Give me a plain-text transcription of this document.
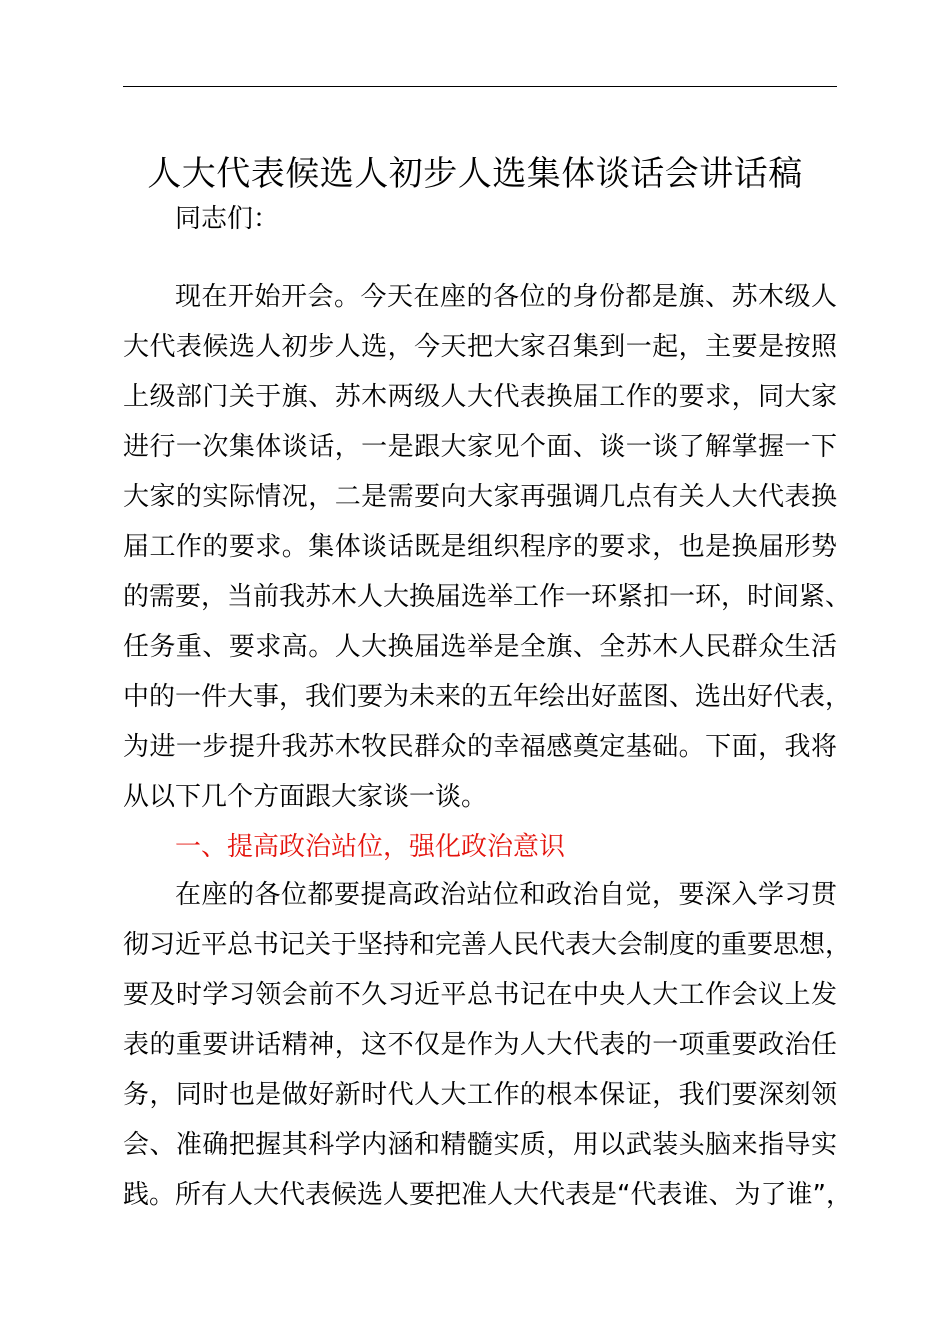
人大代表候选人初步人选集体谈话会讲话稿
同志们：
现在开始开会。今天在座的各位的身份都是旗、苏木级人
大代表候选人初步人选，今天把大家召集到一起，主要是按照
上级部门关于旗、苏木两级人大代表换届工作的要求，同大家
进行一次集体谈话，一是跟大家见个面、谈一谈了解掌握一下
大家的实际情况，二是需要向大家再强调几点有关人大代表换
届工作的要求。集体谈话既是组织程序的要求，也是换届形势
的需要，当前我苏木人大换届选举工作一环紧扣一环，时间紧、
任务重、要求高。人大换届选举是全旗、全苏木人民群众生活
中的一件大事，我们要为未来的五年绘出好蓝图、选出好代表，
为进一步提升我苏木牧民群众的幸福感奠定基础。下面，我将
从以下几个方面跟大家谈一谈。
一、提高政治站位，强化政治意识
在座的各位都要提高政治站位和政治自觉，要深入学习贯
彻习近平总书记关于坚持和完善人民代表大会制度的重要思想，
要及时学习领会前不久习近平总书记在中央人大工作会议上发
表的重要讲话精神，这不仅是作为人大代表的一项重要政治任
务，同时也是做好新时代人大工作的根本保证，我们要深刻领
会、准确把握其科学内涵和精髓实质，用以武装头脑来指导实
践。所有人大代表候选人要把准人大代表是“代表谁、为了谁”，
